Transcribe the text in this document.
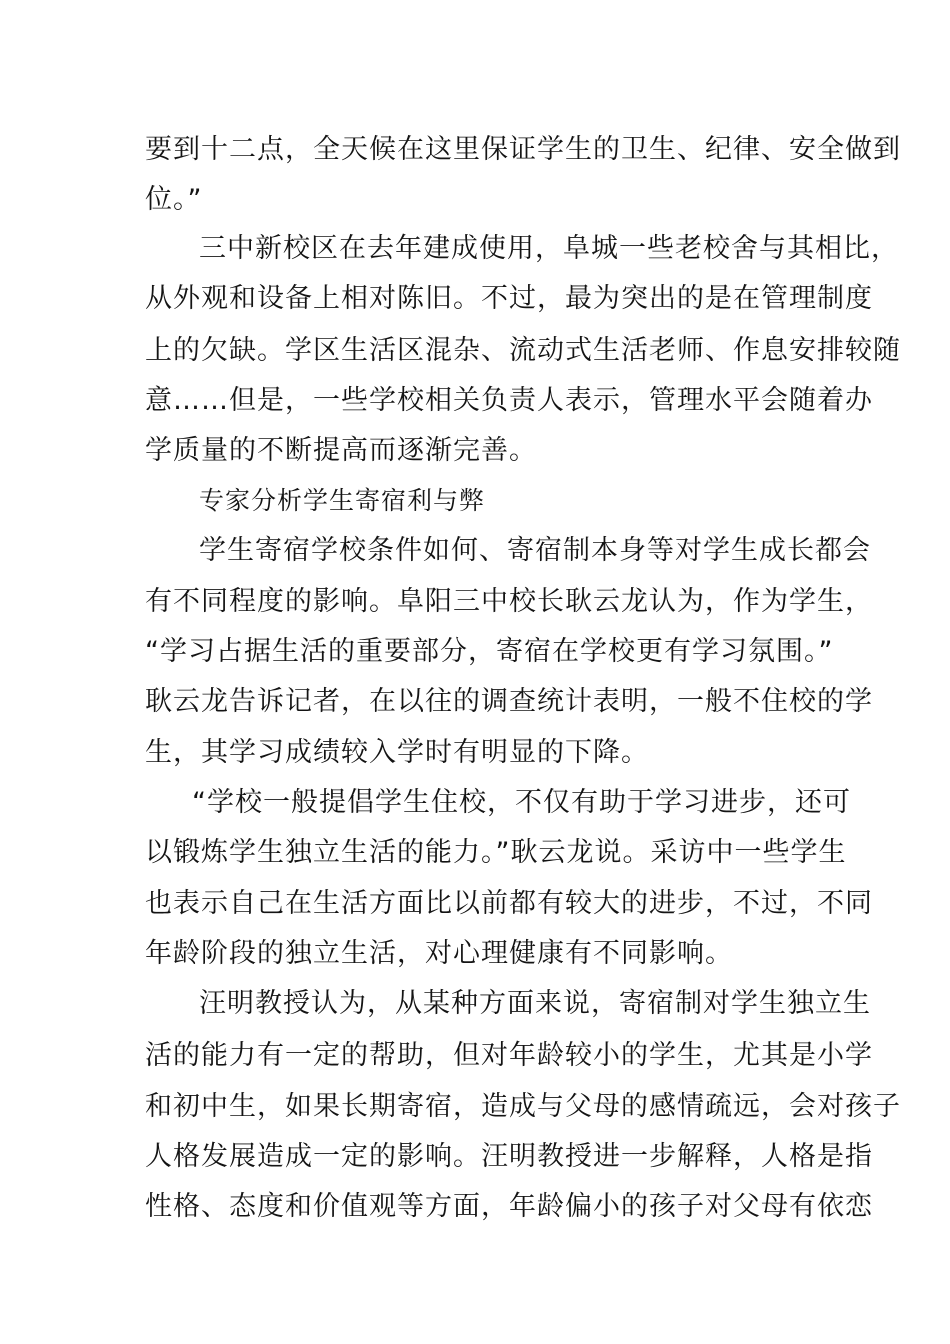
要到十二点，全天候在这里保证学生的卫生、纪律、安全做到
位。”
三中新校区在去年建成使用，阜城一些老校舍与其相比，
从外观和设备上相对陈旧。不过，最为突出的是在管理制度
上的欠缺。学区生活区混杂、流动式生活老师、作息安排较随
意……但是，一些学校相关负责人表示，管理水平会随着办
学质量的不断提高而逐渐完善。
专家分析学生寄宿利与弊
学生寄宿学校条件如何、寄宿制本身等对学生成长都会
有不同程度的影响。阜阳三中校长耿云龙认为，作为学生，
“学习占据生活的重要部分，寄宿在学校更有学习氛围。”
耿云龙告诉记者，在以往的调查统计表明，一般不住校的学
生，其学习成绩较入学时有明显的下降。
“学校一般提倡学生住校，不仅有助于学习进步，还可
以锻炼学生独立生活的能力。”耿云龙说。采访中一些学生
也表示自己在生活方面比以前都有较大的进步，不过，不同
年龄阶段的独立生活，对心理健康有不同影响。
汪明教授认为，从某种方面来说，寄宿制对学生独立生
活的能力有一定的帮助，但对年龄较小的学生，尤其是小学
和初中生，如果长期寄宿，造成与父母的感情疏远，会对孩子
人格发展造成一定的影响。汪明教授进一步解释，人格是指
性格、态度和价值观等方面，年龄偏小的孩子对父母有依恋
